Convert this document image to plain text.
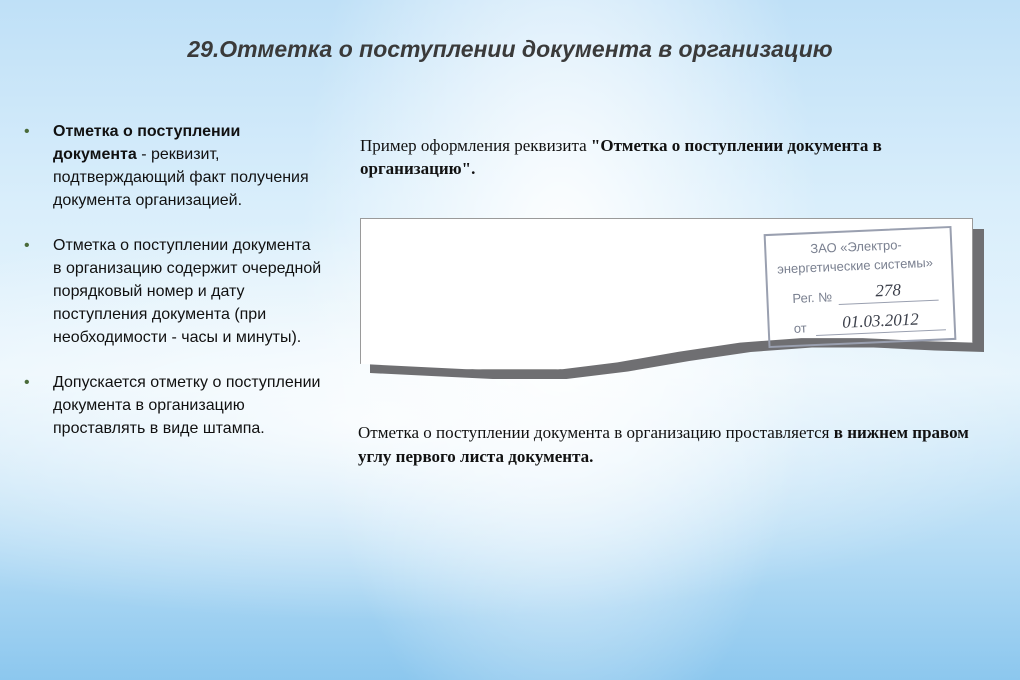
29.Отметка о поступлении документа в организацию
• Отметка о поступлении документа - реквизит, подтверждающий факт получения документа организацией.
• Отметка о поступлении документа в организацию содержит очередной порядковый номер и дату поступления документа (при необходимости - часы и минуты).
• Допускается отметку о поступлении документа в организацию проставлять в виде штампа.
Пример оформления реквизита "Отметка о поступлении документа в организацию".
ЗАО «Электро-
энергетические системы»
Рег. №	278
от	01.03.2012
Отметка о поступлении документа в организацию проставляется в нижнем правом углу первого листа документа.
